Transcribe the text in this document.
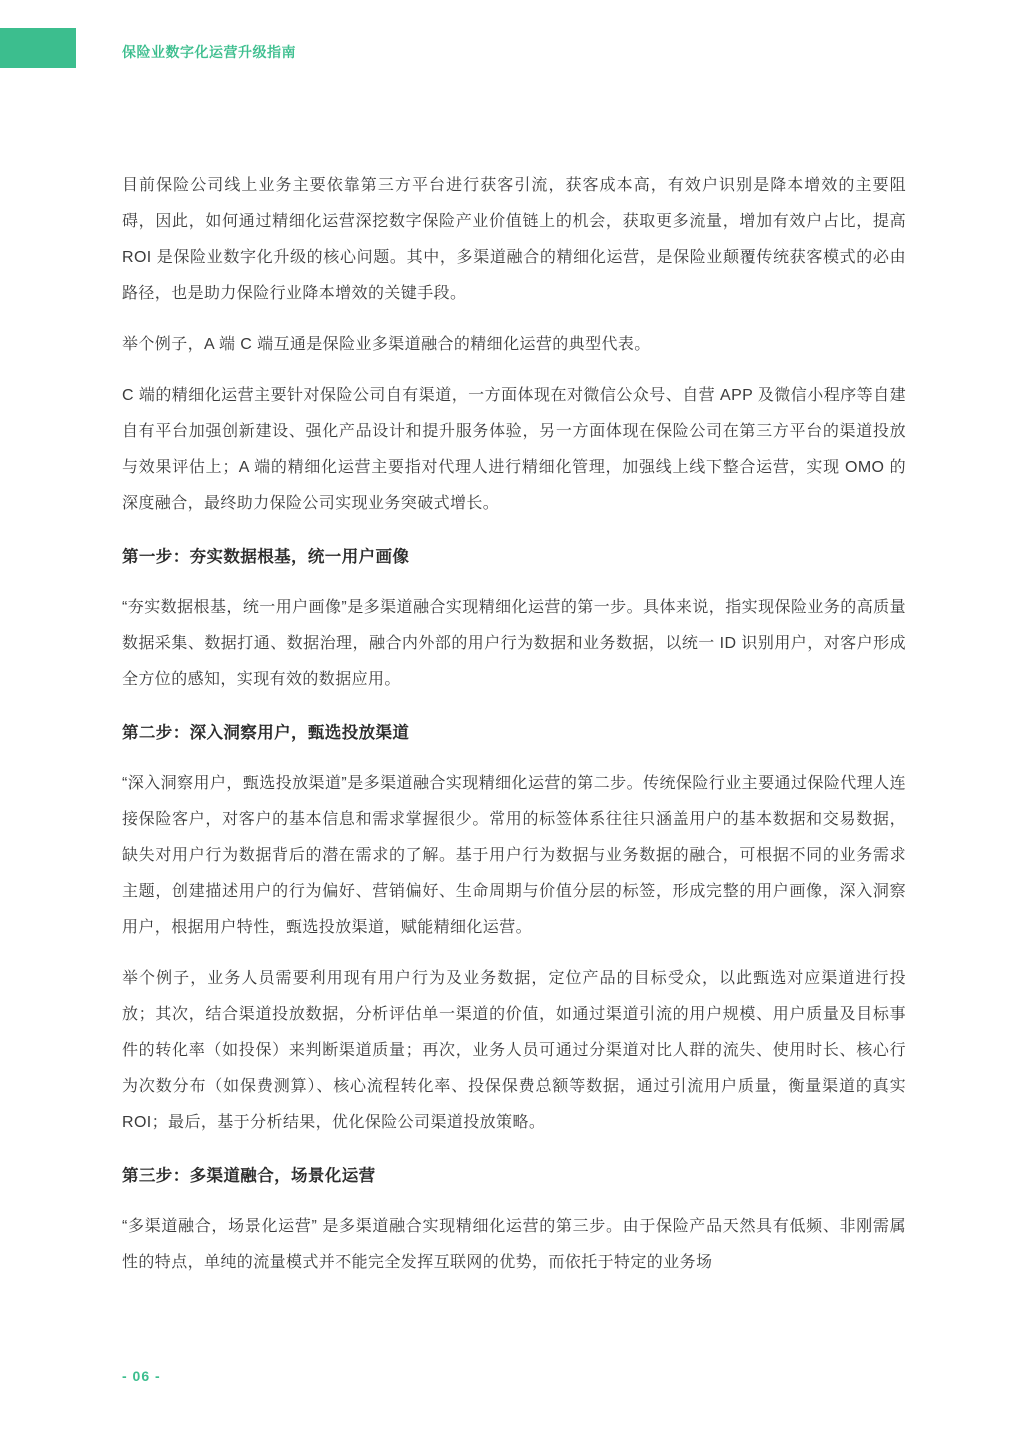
保险业数字化运营升级指南

目前保险公司线上业务主要依靠第三方平台进行获客引流，获客成本高，有效户识别是降本增效的主要阻碍，因此，如何通过精细化运营深挖数字保险产业价值链上的机会，获取更多流量，增加有效户占比，提高 ROI 是保险业数字化升级的核心问题。其中，多渠道融合的精细化运营，是保险业颠覆传统获客模式的必由路径，也是助力保险行业降本增效的关键手段。

举个例子，A 端 C 端互通是保险业多渠道融合的精细化运营的典型代表。

C 端的精细化运营主要针对保险公司自有渠道，一方面体现在对微信公众号、自营 APP 及微信小程序等自建自有平台加强创新建设、强化产品设计和提升服务体验，另一方面体现在保险公司在第三方平台的渠道投放与效果评估上；A 端的精细化运营主要指对代理人进行精细化管理，加强线上线下整合运营，实现 OMO 的深度融合，最终助力保险公司实现业务突破式增长。

第一步：夯实数据根基，统一用户画像

“夯实数据根基，统一用户画像”是多渠道融合实现精细化运营的第一步。具体来说，指实现保险业务的高质量数据采集、数据打通、数据治理，融合内外部的用户行为数据和业务数据，以统一 ID 识别用户，对客户形成全方位的感知，实现有效的数据应用。

第二步：深入洞察用户，甄选投放渠道

“深入洞察用户，甄选投放渠道”是多渠道融合实现精细化运营的第二步。传统保险行业主要通过保险代理人连接保险客户，对客户的基本信息和需求掌握很少。常用的标签体系往往只涵盖用户的基本数据和交易数据，缺失对用户行为数据背后的潜在需求的了解。基于用户行为数据与业务数据的融合，可根据不同的业务需求主题，创建描述用户的行为偏好、营销偏好、生命周期与价值分层的标签，形成完整的用户画像，深入洞察用户，根据用户特性，甄选投放渠道，赋能精细化运营。

举个例子，业务人员需要利用现有用户行为及业务数据，定位产品的目标受众，以此甄选对应渠道进行投放；其次，结合渠道投放数据，分析评估单一渠道的价值，如通过渠道引流的用户规模、用户质量及目标事件的转化率（如投保）来判断渠道质量；再次，业务人员可通过分渠道对比人群的流失、使用时长、核心行为次数分布（如保费测算）、核心流程转化率、投保保费总额等数据，通过引流用户质量，衡量渠道的真实 ROI；最后，基于分析结果，优化保险公司渠道投放策略。

第三步：多渠道融合，场景化运营

“多渠道融合，场景化运营” 是多渠道融合实现精细化运营的第三步。由于保险产品天然具有低频、非刚需属性的特点，单纯的流量模式并不能完全发挥互联网的优势，而依托于特定的业务场

- 06 -
